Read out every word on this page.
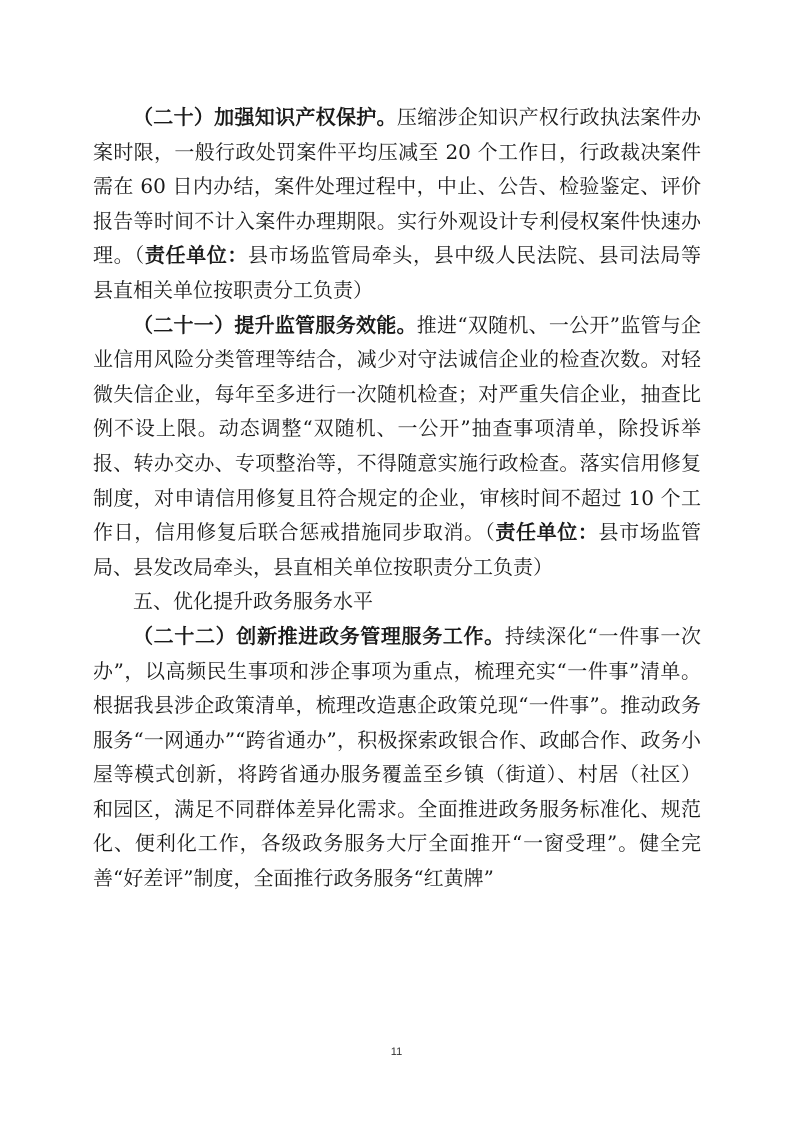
（二十）加强知识产权保护。压缩涉企知识产权行政执法案件办案时限，一般行政处罚案件平均压减至 20 个工作日，行政裁决案件需在 60 日内办结，案件处理过程中，中止、公告、检验鉴定、评价报告等时间不计入案件办理期限。实行外观设计专利侵权案件快速办理。（责任单位：县市场监管局牵头，县中级人民法院、县司法局等县直相关单位按职责分工负责）

（二十一）提升监管服务效能。推进“双随机、一公开”监管与企业信用风险分类管理等结合，减少对守法诚信企业的检查次数。对轻微失信企业，每年至多进行一次随机检查；对严重失信企业，抽查比例不设上限。动态调整“双随机、一公开”抽查事项清单，除投诉举报、转办交办、专项整治等，不得随意实施行政检查。落实信用修复制度，对申请信用修复且符合规定的企业，审核时间不超过 10 个工作日，信用修复后联合惩戒措施同步取消。（责任单位：县市场监管局、县发改局牵头，县直相关单位按职责分工负责）

五、优化提升政务服务水平

（二十二）创新推进政务管理服务工作。持续深化“一件事一次办”，以高频民生事项和涉企事项为重点，梳理充实“一件事”清单。根据我县涉企政策清单，梳理改造惠企政策兑现“一件事”。推动政务服务“一网通办”“跨省通办”，积极探索政银合作、政邮合作、政务小屋等模式创新，将跨省通办服务覆盖至乡镇（街道）、村居（社区）和园区，满足不同群体差异化需求。全面推进政务服务标准化、规范化、便利化工作，各级政务服务大厅全面推开“一窗受理”。健全完善“好差评”制度，全面推行政务服务“红黄牌”

11
